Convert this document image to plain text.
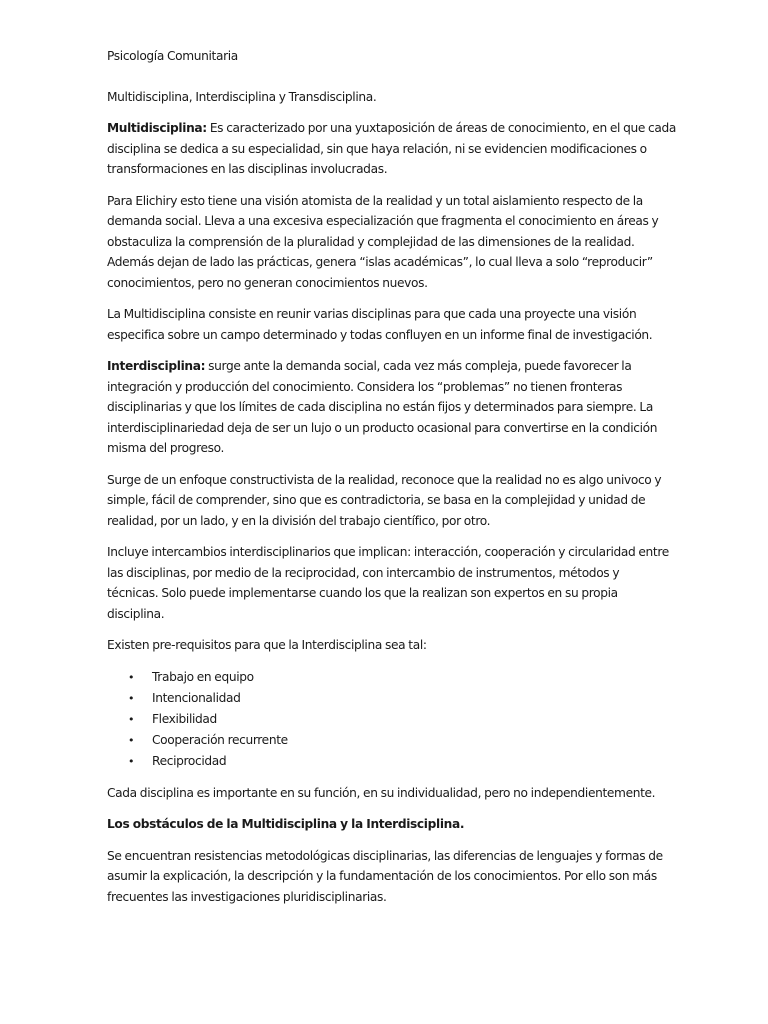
Psicología Comunitaria

Multidisciplina, Interdisciplina y Transdisciplina.

Multidisciplina: Es caracterizado por una yuxtaposición de áreas de conocimiento, en el que cada
disciplina se dedica a su especialidad, sin que haya relación, ni se evidencien modificaciones o
transformaciones en las disciplinas involucradas.

Para Elichiry esto tiene una visión atomista de la realidad y un total aislamiento respecto de la
demanda social. Lleva a una excesiva especialización que fragmenta el conocimiento en áreas y
obstaculiza la comprensión de la pluralidad y complejidad de las dimensiones de la realidad.
Además dejan de lado las prácticas, genera “islas académicas”, lo cual lleva a solo “reproducir”
conocimientos, pero no generan conocimientos nuevos.

La Multidisciplina consiste en reunir varias disciplinas para que cada una proyecte una visión
especifica sobre un campo determinado y todas confluyen en un informe final de investigación.

Interdisciplina: surge ante la demanda social, cada vez más compleja, puede favorecer la
integración y producción del conocimiento. Considera los “problemas” no tienen fronteras
disciplinarias y que los límites de cada disciplina no están fijos y determinados para siempre. La
interdisciplinariedad deja de ser un lujo o un producto ocasional para convertirse en la condición
misma del progreso.

Surge de un enfoque constructivista de la realidad, reconoce que la realidad no es algo univoco y
simple, fácil de comprender, sino que es contradictoria, se basa en la complejidad y unidad de
realidad, por un lado, y en la división del trabajo científico, por otro.

Incluye intercambios interdisciplinarios que implican: interacción, cooperación y circularidad entre
las disciplinas, por medio de la reciprocidad, con intercambio de instrumentos, métodos y
técnicas. Solo puede implementarse cuando los que la realizan son expertos en su propia
disciplina.

Existen pre-requisitos para que la Interdisciplina sea tal:

• Trabajo en equipo
• Intencionalidad
• Flexibilidad
• Cooperación recurrente
• Reciprocidad

Cada disciplina es importante en su función, en su individualidad, pero no independientemente.

Los obstáculos de la Multidisciplina y la Interdisciplina.

Se encuentran resistencias metodológicas disciplinarias, las diferencias de lenguajes y formas de
asumir la explicación, la descripción y la fundamentación de los conocimientos. Por ello son más
frecuentes las investigaciones pluridisciplinarias.
